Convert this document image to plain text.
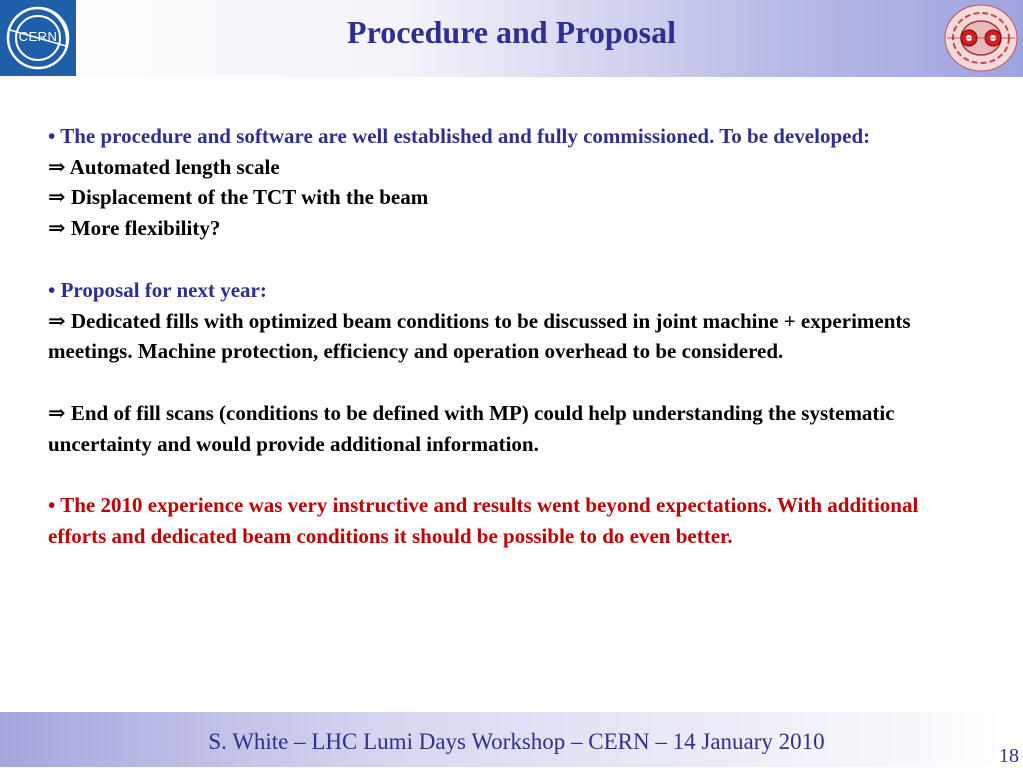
CERN	Procedure and Proposal

• The procedure and software are well established and fully commissioned. To be developed:

⇒ Automated length scale

⇒ Displacement of the TCT with the beam

⇒ More flexibility?

• Proposal for next year:

⇒ Dedicated fills with optimized beam conditions to be discussed in joint machine + experiments meetings. Machine protection, efficiency and operation overhead to be considered.

⇒ End of fill scans (conditions to be defined with MP) could help understanding the systematic uncertainty and would provide additional information.

• The 2010 experience was very instructive and results went beyond expectations. With additional efforts and dedicated beam conditions it should be possible to do even better.

S. White – LHC Lumi Days Workshop – CERN – 14 January 2010
18
